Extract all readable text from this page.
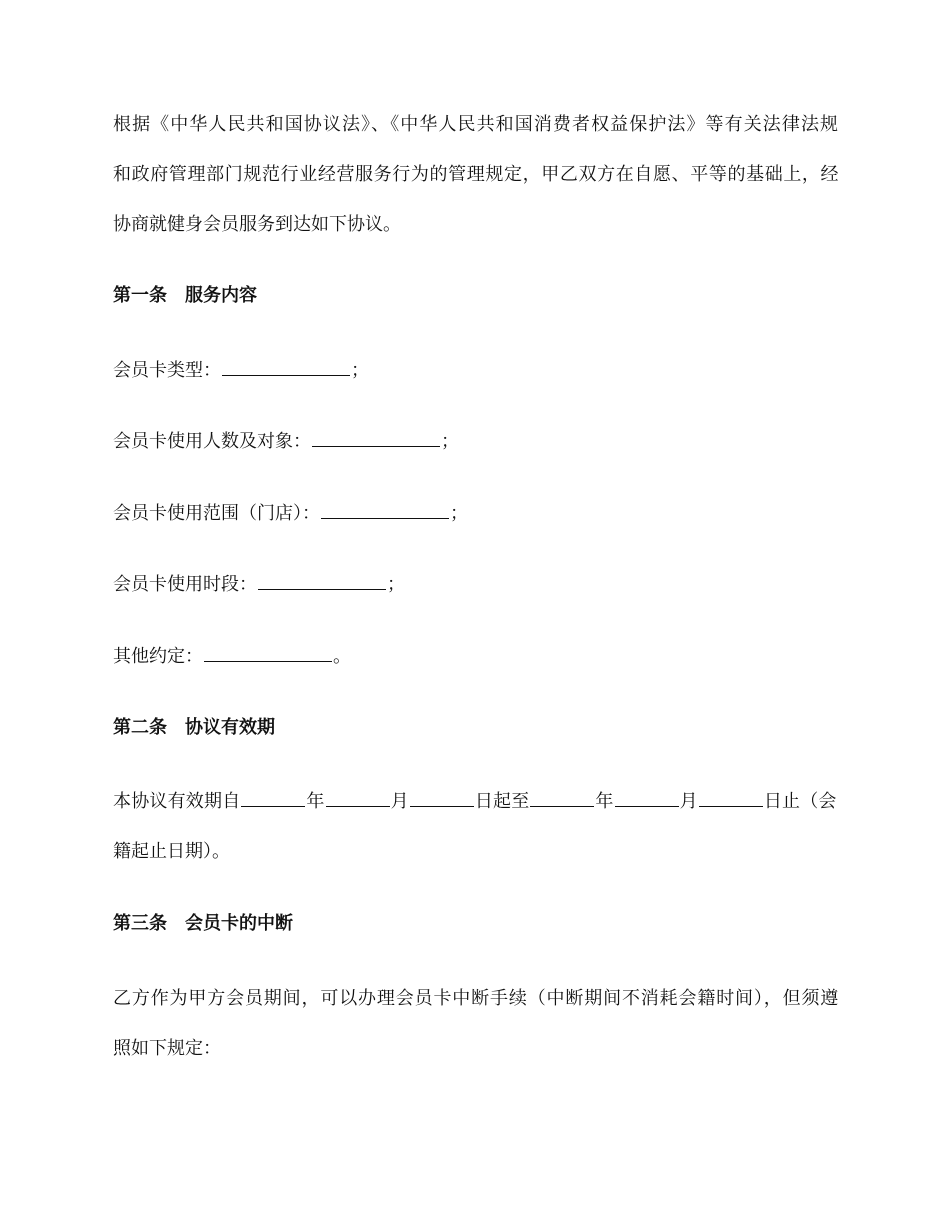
根据《中华人民共和国协议法》、《中华人民共和国消费者权益保护法》等有关法律法规
和政府管理部门规范行业经营服务行为的管理规定，甲乙双方在自愿、平等的基础上，经
协商就健身会员服务到达如下协议。
第一条　服务内容
会员卡类型：	；
会员卡使用人数及对象：	；
会员卡使用范围（门店）：	；
会员卡使用时段：	；
其他约定：	。
第二条　协议有效期
本协议有效期自	年	月	日起至	年	月	日止（会
籍起止日期）。
第三条　会员卡的中断
乙方作为甲方会员期间，可以办理会员卡中断手续（中断期间不消耗会籍时间），但须遵
照如下规定：
